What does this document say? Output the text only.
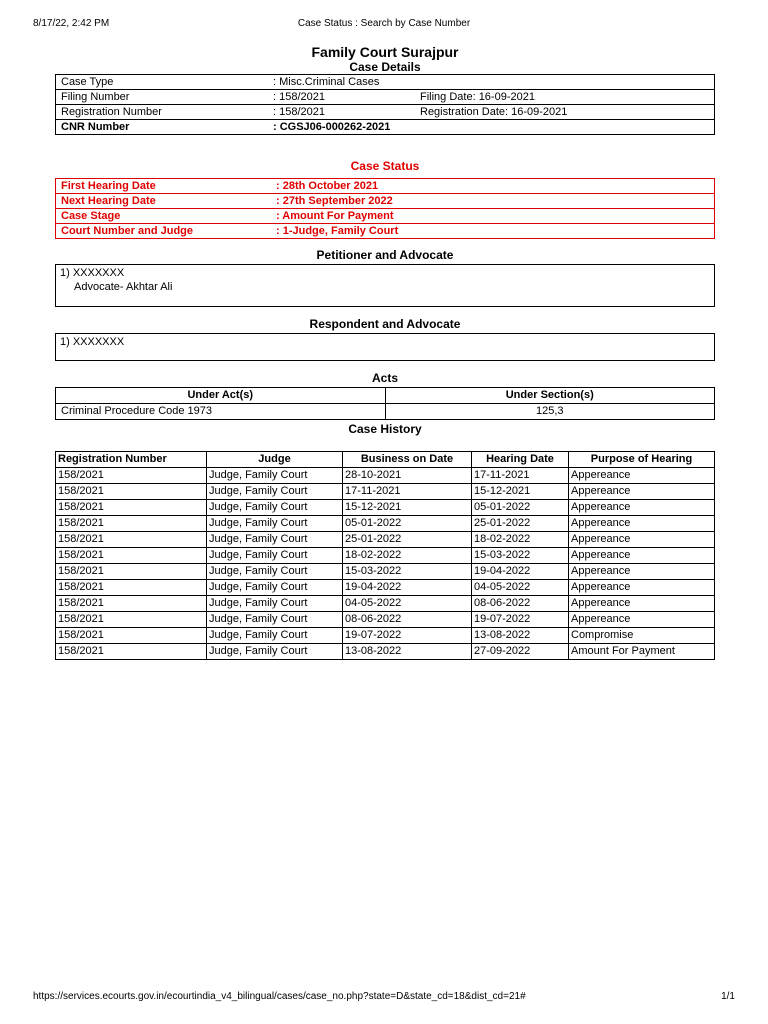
8/17/22, 2:42 PM	Case Status : Search by Case Number
Family Court Surajpur
Case Details
Case Type	: Misc.Criminal Cases	
Filing Number	: 158/2021	Filing Date: 16-09-2021
Registration Number	: 158/2021	Registration Date: 16-09-2021
CNR Number	: CGSJ06-000262-2021	
Case Status
First Hearing Date	: 28th October 2021
Next Hearing Date	: 27th September 2022
Case Stage	: Amount For Payment
Court Number and Judge	: 1-Judge, Family Court
Petitioner and Advocate
1) XXXXXXX
Advocate- Akhtar Ali
Respondent and Advocate
1) XXXXXXX
Acts
Under Act(s)	Under Section(s)
Criminal Procedure Code 1973	125,3
Case History
Registration Number	Judge	Business on Date	Hearing Date	Purpose of Hearing
158/2021	Judge, Family Court	28-10-2021	17-11-2021	Appereance
158/2021	Judge, Family Court	17-11-2021	15-12-2021	Appereance
158/2021	Judge, Family Court	15-12-2021	05-01-2022	Appereance
158/2021	Judge, Family Court	05-01-2022	25-01-2022	Appereance
158/2021	Judge, Family Court	25-01-2022	18-02-2022	Appereance
158/2021	Judge, Family Court	18-02-2022	15-03-2022	Appereance
158/2021	Judge, Family Court	15-03-2022	19-04-2022	Appereance
158/2021	Judge, Family Court	19-04-2022	04-05-2022	Appereance
158/2021	Judge, Family Court	04-05-2022	08-06-2022	Appereance
158/2021	Judge, Family Court	08-06-2022	19-07-2022	Appereance
158/2021	Judge, Family Court	19-07-2022	13-08-2022	Compromise
158/2021	Judge, Family Court	13-08-2022	27-09-2022	Amount For Payment
https://services.ecourts.gov.in/ecourtindia_v4_bilingual/cases/case_no.php?state=D&state_cd=18&dist_cd=21#	1/1
